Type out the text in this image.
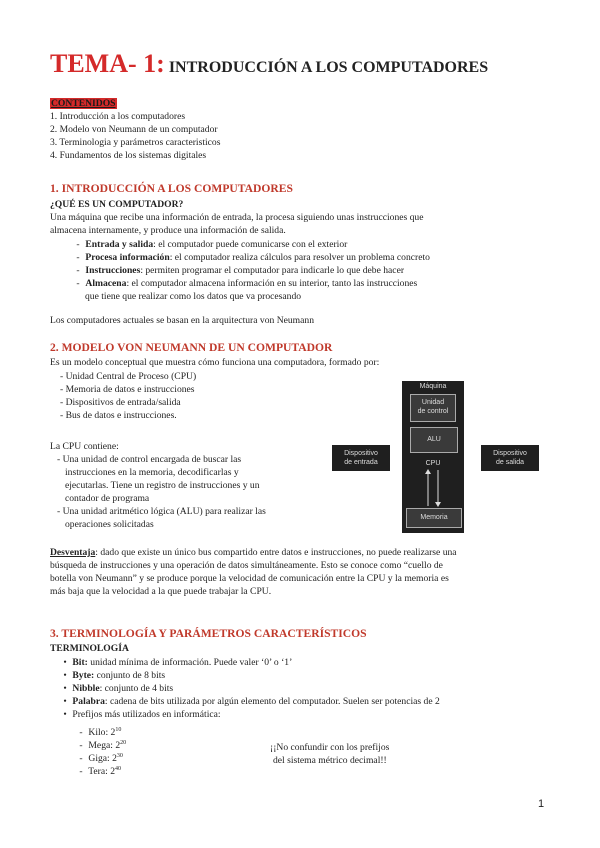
TEMA- 1: INTRODUCCIÓN A LOS COMPUTADORES
CONTENIDOS
1. Introducción a los computadores
2. Modelo von Neumann de un computador
3. Terminologia y parámetros caracteristicos
4. Fundamentos de los sistemas digitales
1. INTRODUCCIÓN A LOS COMPUTADORES
¿QUÉ ES UN COMPUTADOR?
Una máquina que recibe una información de entrada, la procesa siguiendo unas instrucciones que
almacena internamente, y produce una información de salida.
- Entrada y salida: el computador puede comunicarse con el exterior
- Procesa información: el computador realiza cálculos para resolver un problema concreto
- Instrucciones: permiten programar el computador para indicarle lo que debe hacer
- Almacena: el computador almacena información en su interior, tanto las instrucciones
que tiene que realizar como los datos que va procesando
Los computadores actuales se basan en la arquitectura von Neumann
2. MODELO VON NEUMANN DE UN COMPUTADOR
Es un modelo conceptual que muestra cómo funciona una computadora, formado por:
- Unidad Central de Proceso (CPU)
- Memoria de datos e instrucciones
- Dispositivos de entrada/salida
- Bus de datos e instrucciones.
La CPU contiene:
- Una unidad de control encargada de buscar las
instrucciones en la memoria, decodificarlas y
ejecutarlas. Tiene un registro de instrucciones y un
contador de programa
- Una unidad aritmético lógica (ALU) para realizar las
operaciones solicitadas
Máquina
Unidad
de control
ALU
CPU
Memoria
Dispositivo
de entrada
Dispositivo
de salida
Desventaja: dado que existe un único bus compartido entre datos e instrucciones, no puede realizarse una
búsqueda de instrucciones y una operación de datos simultáneamente. Esto se conoce como “cuello de
botella von Neumann” y se produce porque la velocidad de comunicación entre la CPU y la memoria es
más baja que la velocidad a la que puede trabajar la CPU.
3. TERMINOLOGÍA Y PARÁMETROS CARACTERÍSTICOS
TERMINOLOGÍA
• Bit: unidad mínima de información. Puede valer ‘0’ o ‘1’
• Byte: conjunto de 8 bits
• Nibble: conjunto de 4 bits
• Palabra: cadena de bits utilizada por algún elemento del computador. Suelen ser potencias de 2
• Prefijos más utilizados en informática:
- Kilo: $2^{10}$
- Mega: $2^{20}$
- Giga: $2^{30}$
- Tera: $2^{40}$
¡¡No confundir con los prefijos
del sistema métrico decimal!!
1
